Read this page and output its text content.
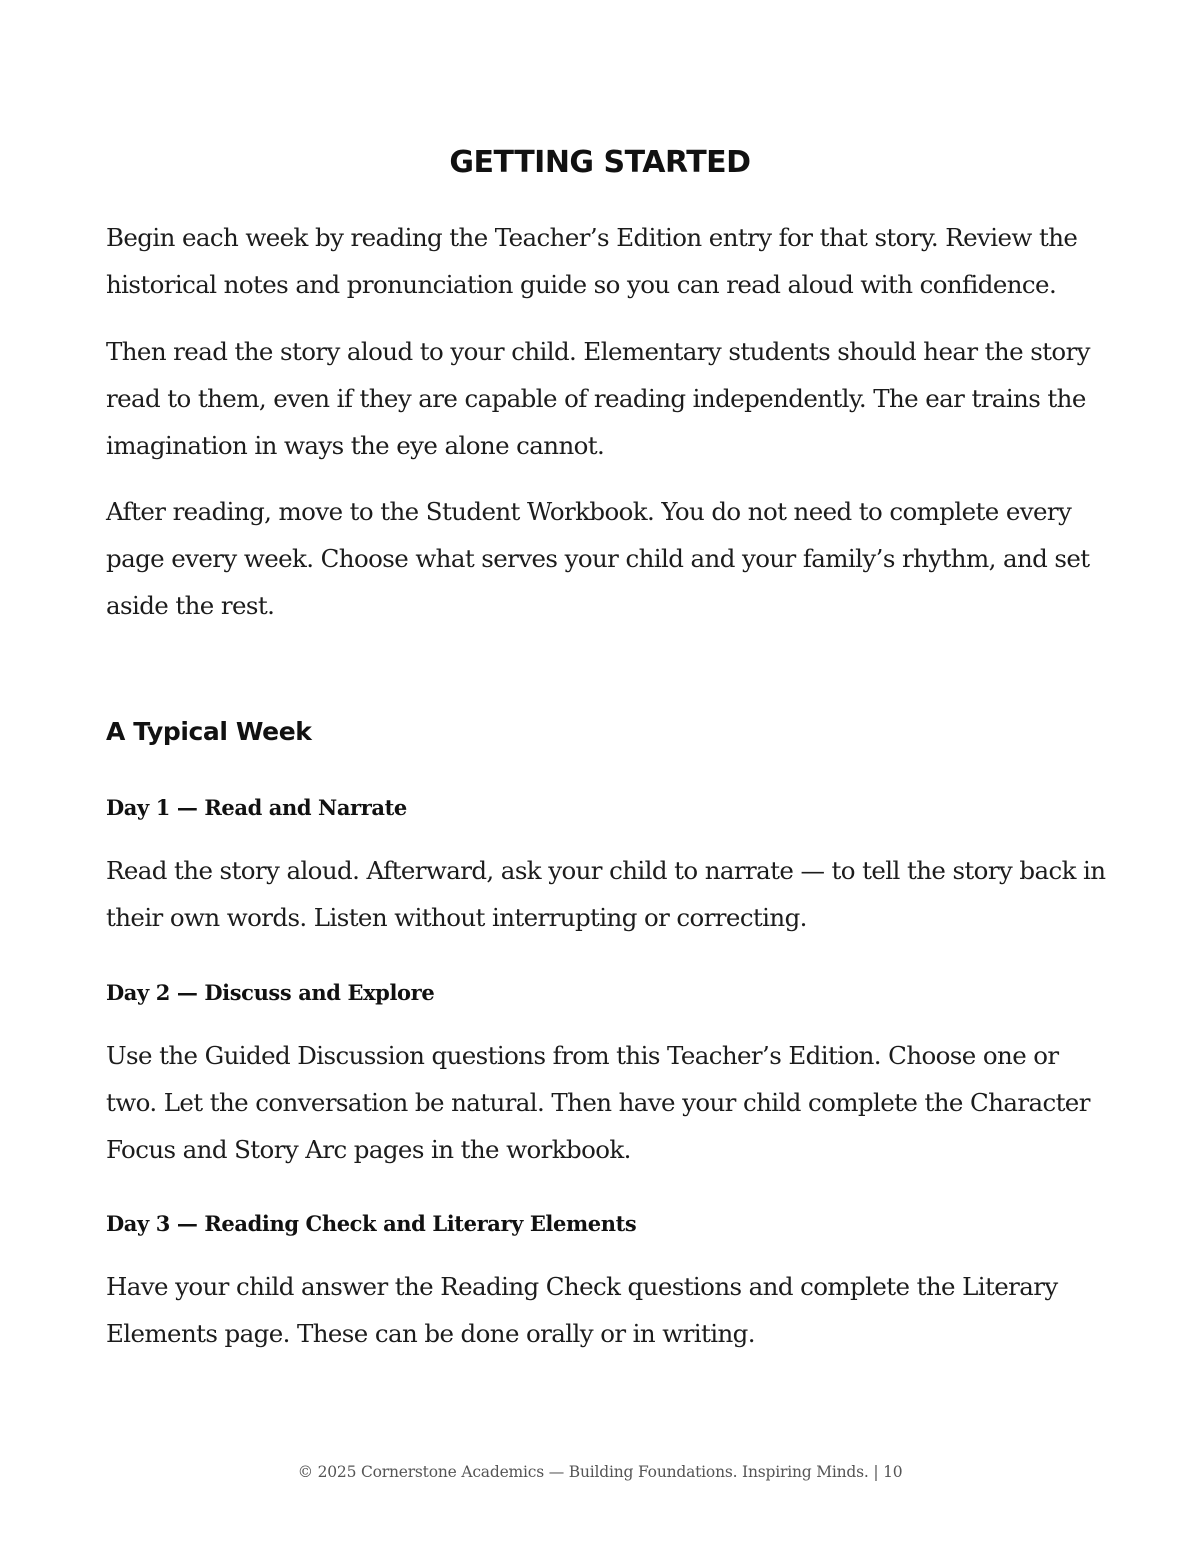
GETTING STARTED

Begin each week by reading the Teacher’s Edition entry for that story. Review the historical notes and pronunciation guide so you can read aloud with confidence.

Then read the story aloud to your child. Elementary students should hear the story read to them, even if they are capable of reading independently. The ear trains the imagination in ways the eye alone cannot.

After reading, move to the Student Workbook. You do not need to complete every page every week. Choose what serves your child and your family’s rhythm, and set aside the rest.

A Typical Week
Day 1 — Read and Narrate

Read the story aloud. Afterward, ask your child to narrate — to tell the story back in their own words. Listen without interrupting or correcting.

Day 2 — Discuss and Explore

Use the Guided Discussion questions from this Teacher’s Edition. Choose one or two. Let the conversation be natural. Then have your child complete the Character Focus and Story Arc pages in the workbook.

Day 3 — Reading Check and Literary Elements

Have your child answer the Reading Check questions and complete the Literary Elements page. These can be done orally or in writing.

© 2025 Cornerstone Academics — Building Foundations. Inspiring Minds. | 10
